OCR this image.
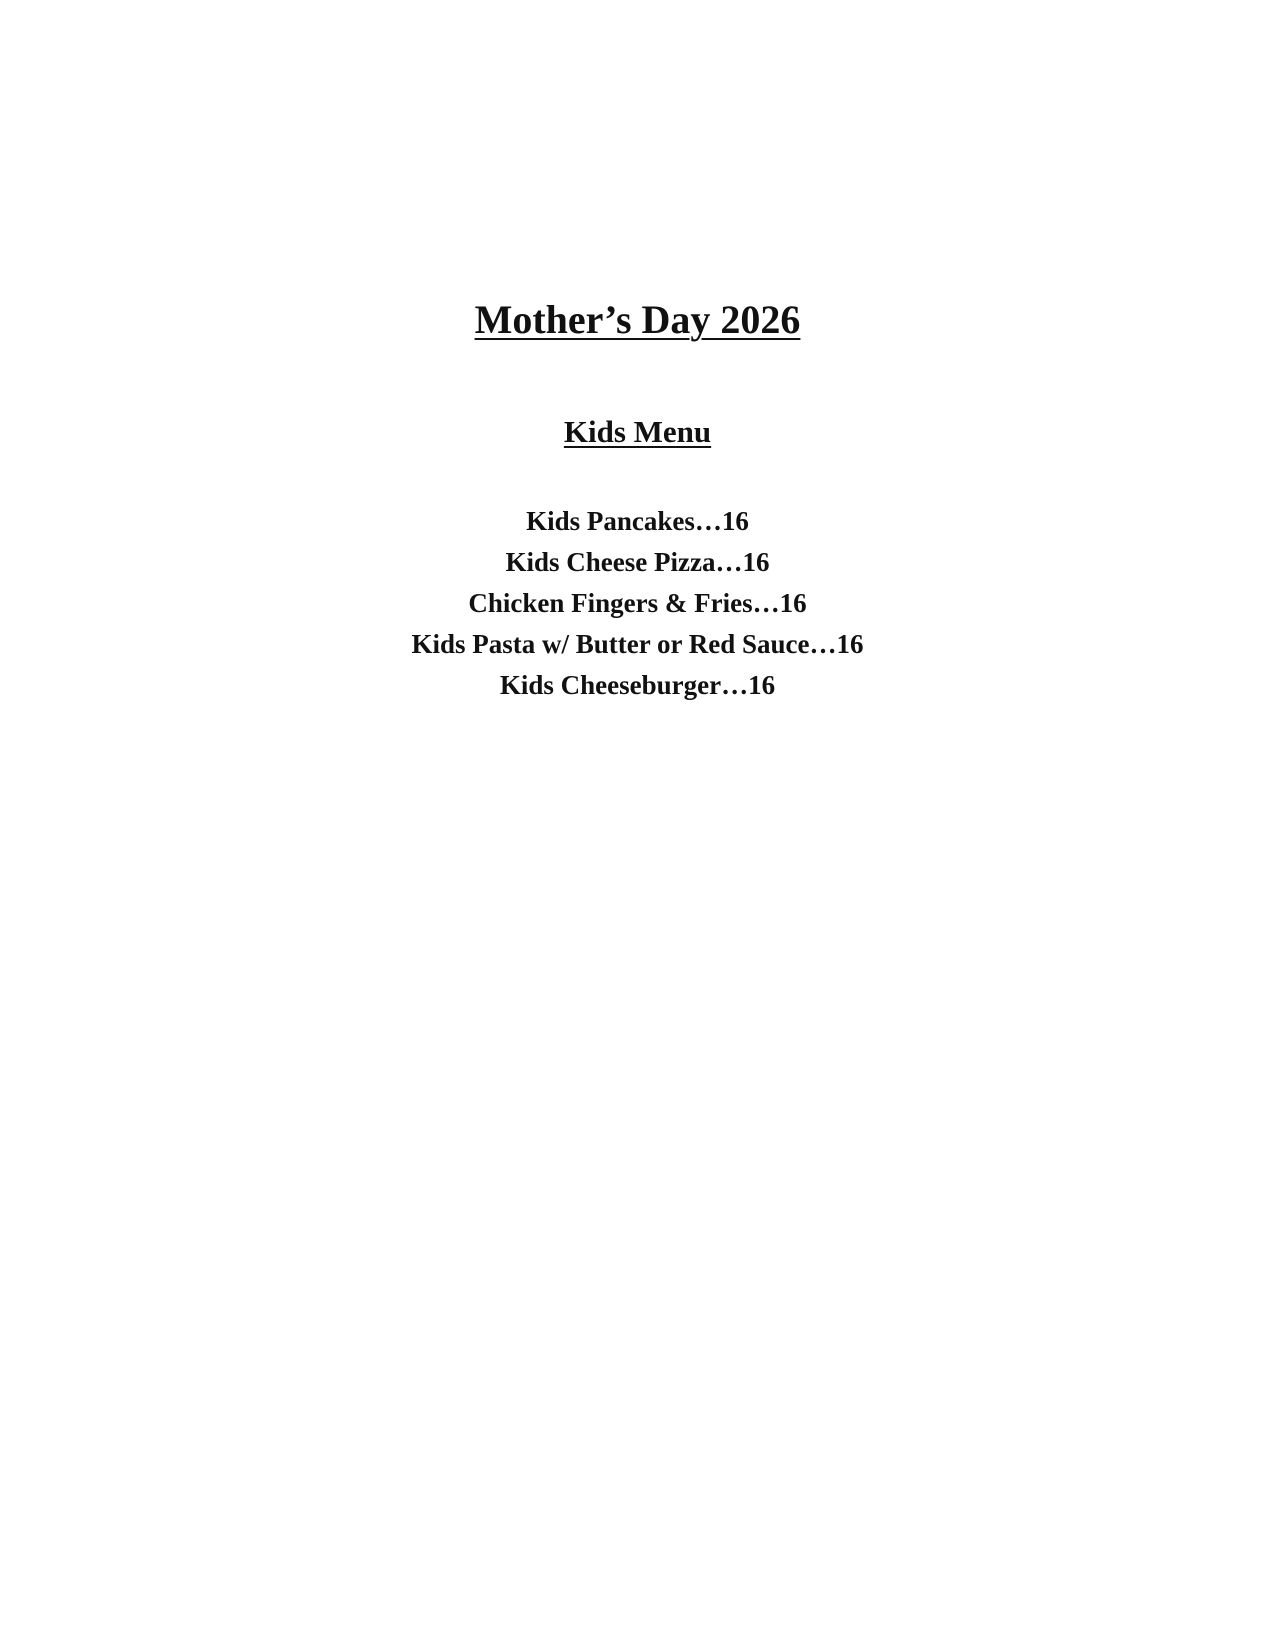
Mother’s Day 2026
Kids Menu
Kids Pancakes…16
Kids Cheese Pizza…16
Chicken Fingers & Fries…16
Kids Pasta w/ Butter or Red Sauce…16
Kids Cheeseburger…16
